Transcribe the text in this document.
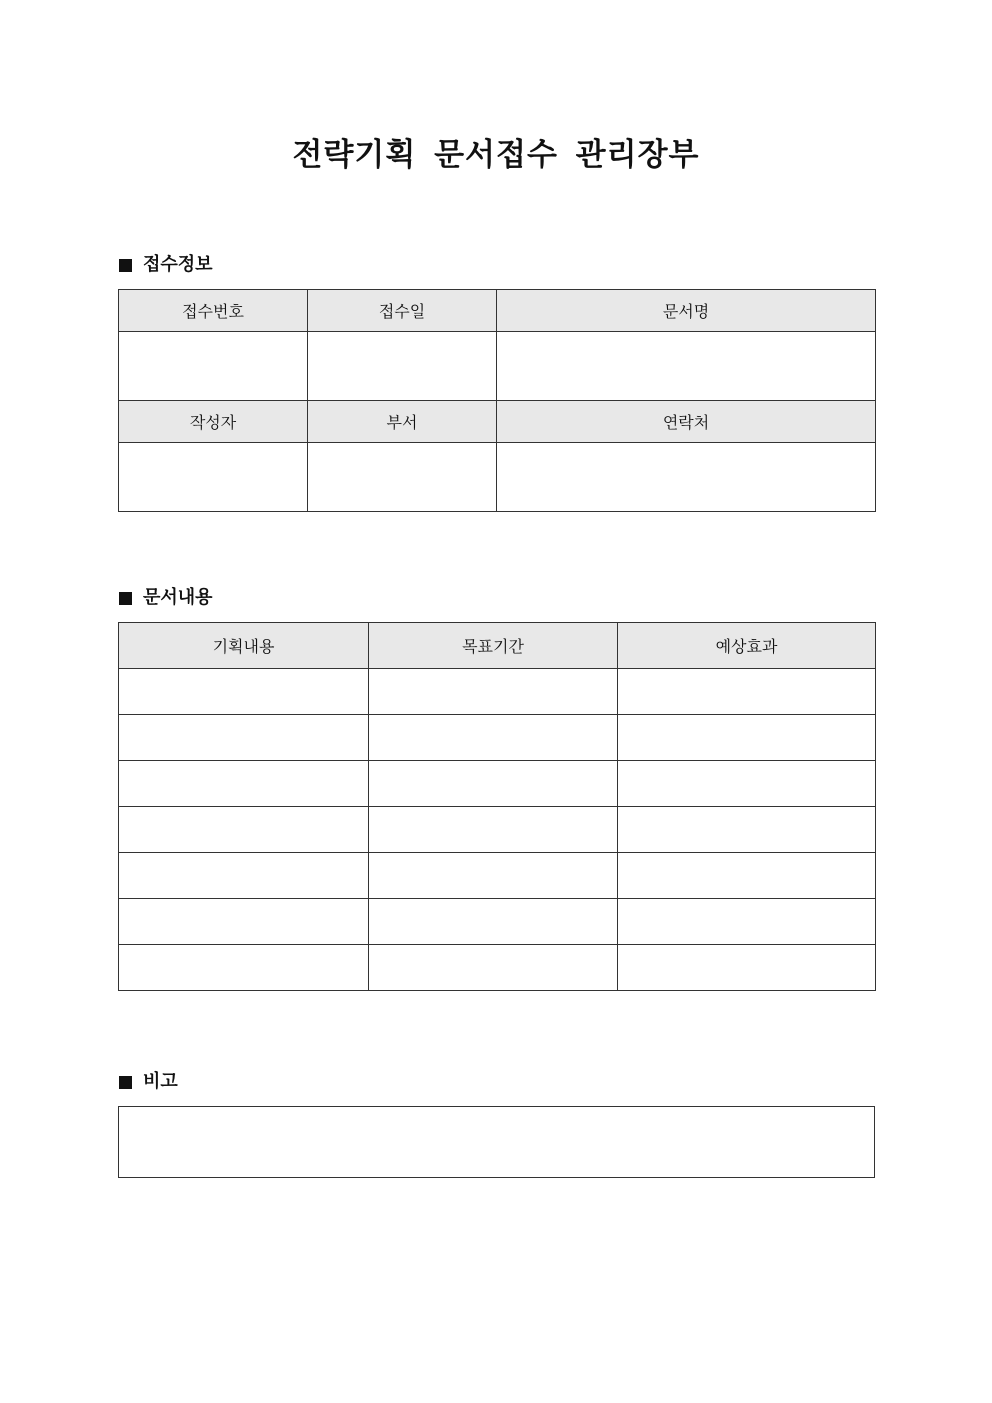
전략기획 문서접수 관리장부
접수정보
접수번호	접수일	문서명

작성자	부서	연락처

문서내용
기획내용	목표기간	예상효과

비고
